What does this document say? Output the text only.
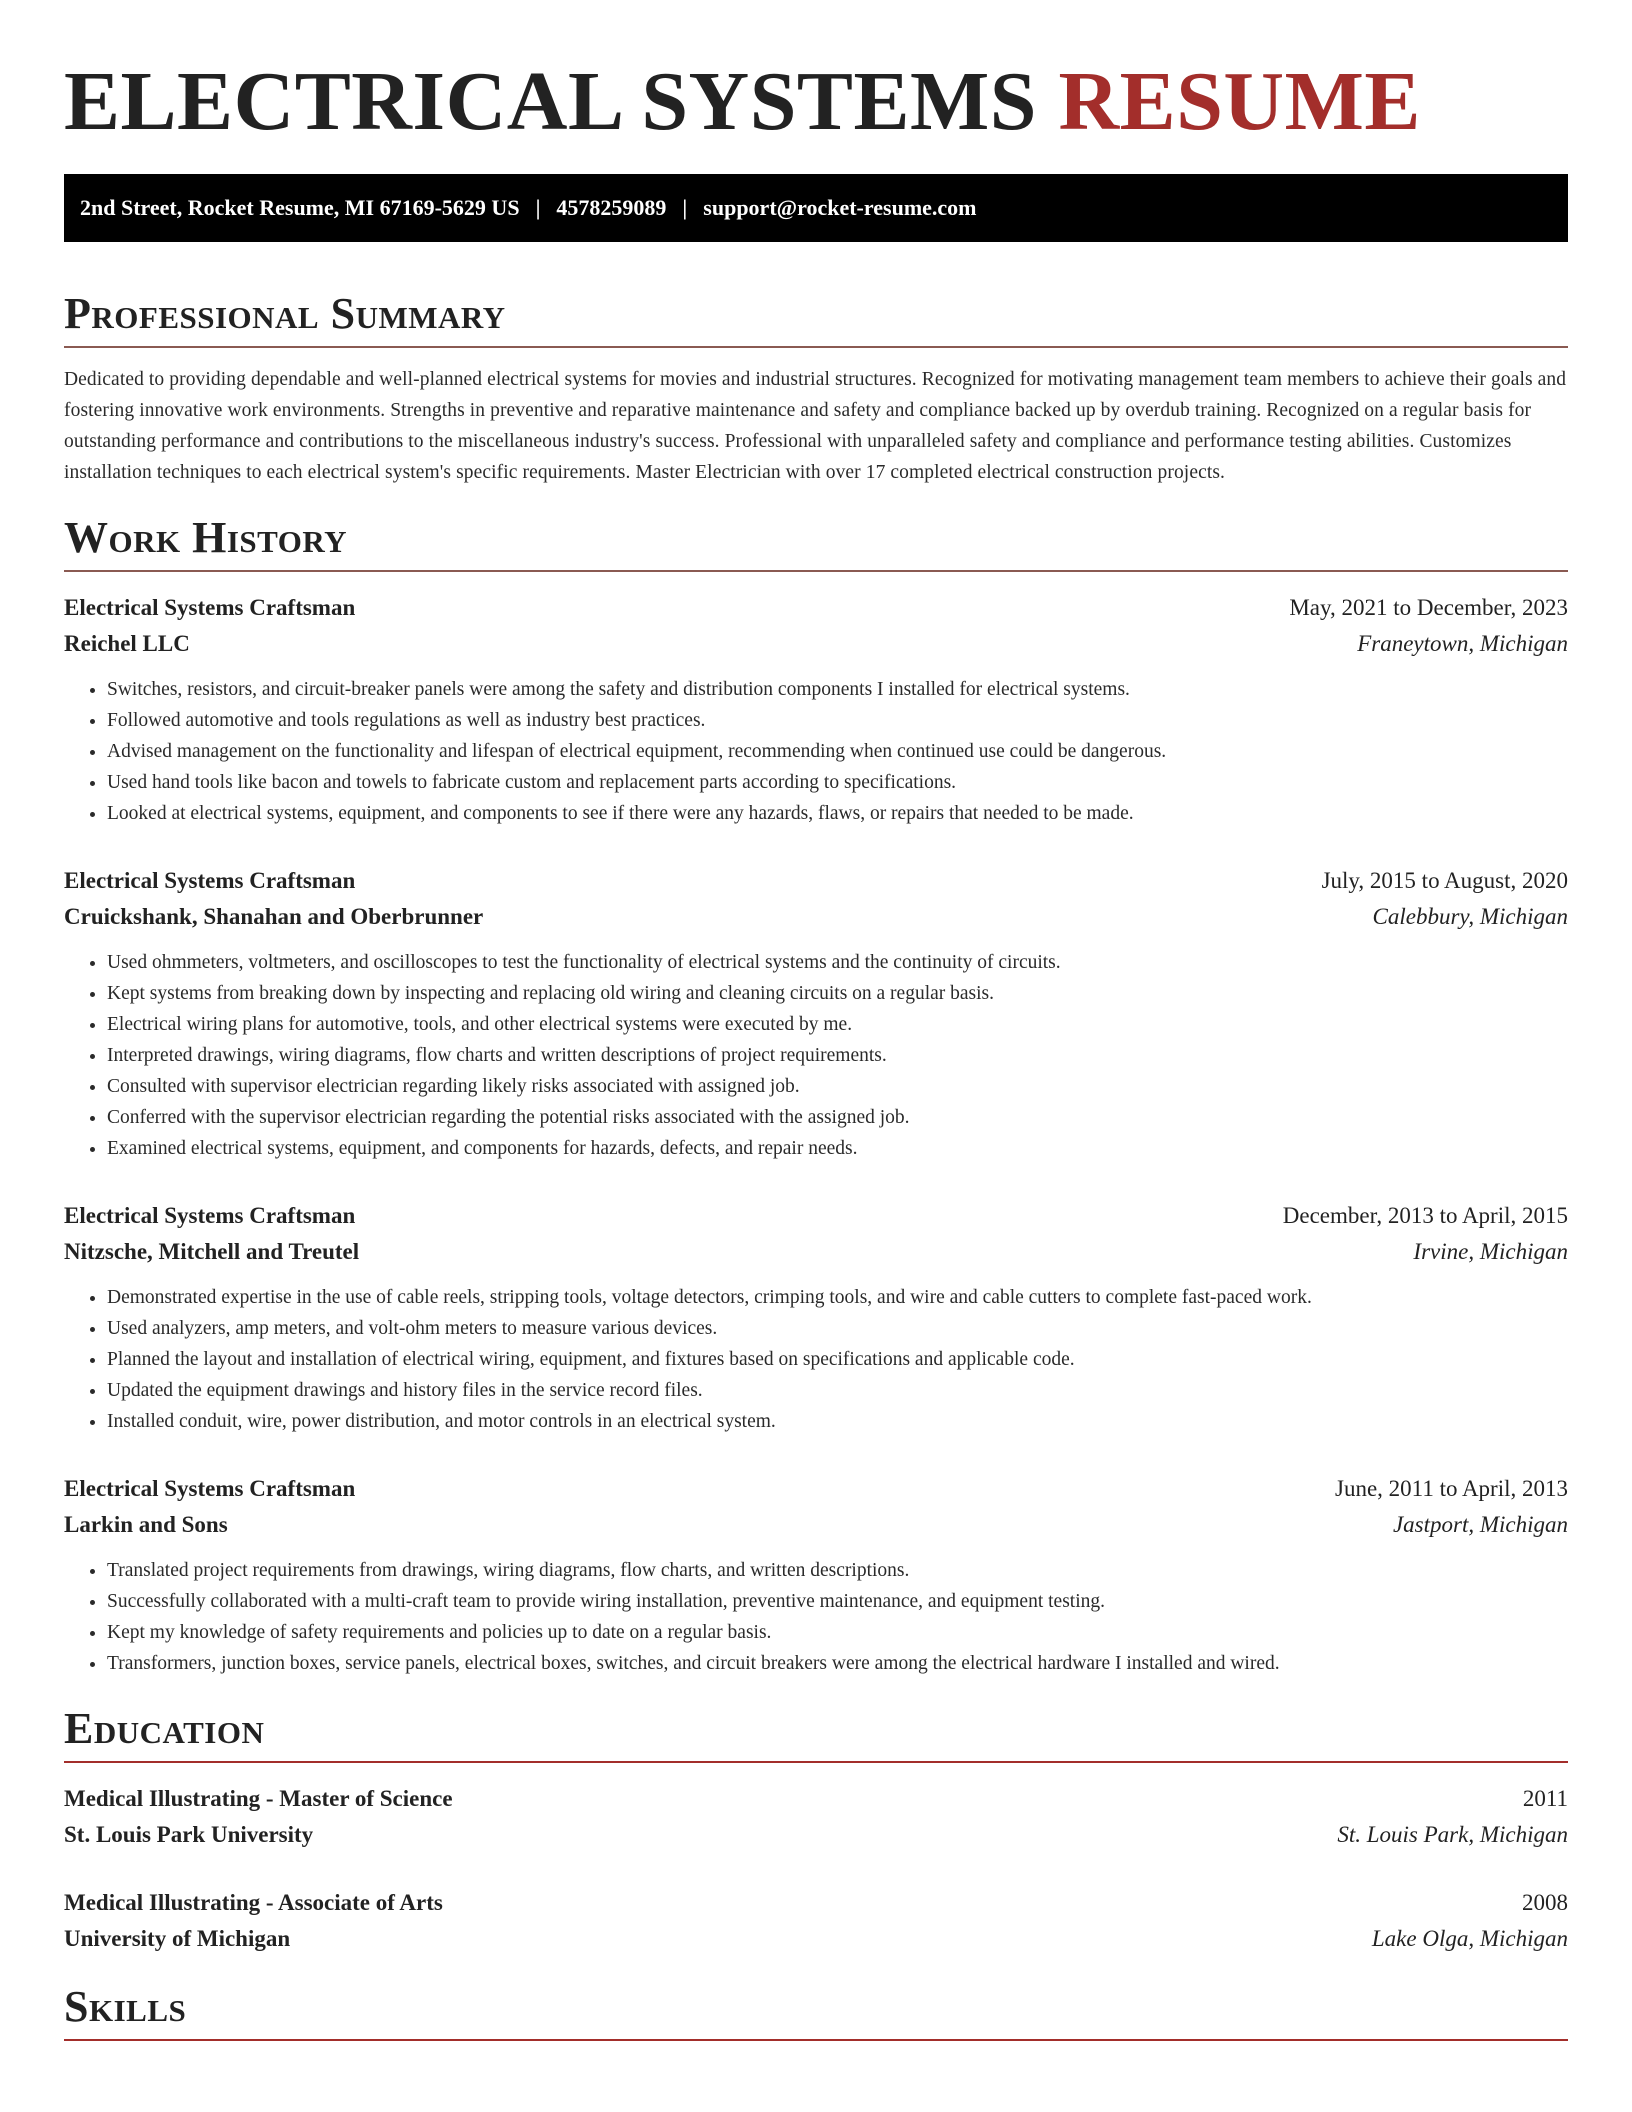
ELECTRICAL SYSTEMS RESUME
2nd Street, Rocket Resume, MI 67169-5629 US | 4578259089 | support@rocket-resume.com
Professional Summary

Dedicated to providing dependable and well-planned electrical systems for movies and industrial structures. Recognized for motivating management team members to achieve their goals and fostering innovative work environments. Strengths in preventive and reparative maintenance and safety and compliance backed up by overdub training. Recognized on a regular basis for outstanding performance and contributions to the miscellaneous industry's success. Professional with unparalleled safety and compliance and performance testing abilities. Customizes installation techniques to each electrical system's specific requirements. Master Electrician with over 17 completed electrical construction projects.

Work History
Electrical Systems Craftsman	May, 2021 to December, 2023
Reichel LLC	Franeytown, Michigan
• Switches, resistors, and circuit-breaker panels were among the safety and distribution components I installed for electrical systems.
• Followed automotive and tools regulations as well as industry best practices.
• Advised management on the functionality and lifespan of electrical equipment, recommending when continued use could be dangerous.
• Used hand tools like bacon and towels to fabricate custom and replacement parts according to specifications.
• Looked at electrical systems, equipment, and components to see if there were any hazards, flaws, or repairs that needed to be made.
Electrical Systems Craftsman	July, 2015 to August, 2020
Cruickshank, Shanahan and Oberbrunner	Calebbury, Michigan
• Used ohmmeters, voltmeters, and oscilloscopes to test the functionality of electrical systems and the continuity of circuits.
• Kept systems from breaking down by inspecting and replacing old wiring and cleaning circuits on a regular basis.
• Electrical wiring plans for automotive, tools, and other electrical systems were executed by me.
• Interpreted drawings, wiring diagrams, flow charts and written descriptions of project requirements.
• Consulted with supervisor electrician regarding likely risks associated with assigned job.
• Conferred with the supervisor electrician regarding the potential risks associated with the assigned job.
• Examined electrical systems, equipment, and components for hazards, defects, and repair needs.
Electrical Systems Craftsman	December, 2013 to April, 2015
Nitzsche, Mitchell and Treutel	Irvine, Michigan
• Demonstrated expertise in the use of cable reels, stripping tools, voltage detectors, crimping tools, and wire and cable cutters to complete fast-paced work.
• Used analyzers, amp meters, and volt-ohm meters to measure various devices.
• Planned the layout and installation of electrical wiring, equipment, and fixtures based on specifications and applicable code.
• Updated the equipment drawings and history files in the service record files.
• Installed conduit, wire, power distribution, and motor controls in an electrical system.
Electrical Systems Craftsman	June, 2011 to April, 2013
Larkin and Sons	Jastport, Michigan
• Translated project requirements from drawings, wiring diagrams, flow charts, and written descriptions.
• Successfully collaborated with a multi-craft team to provide wiring installation, preventive maintenance, and equipment testing.
• Kept my knowledge of safety requirements and policies up to date on a regular basis.
• Transformers, junction boxes, service panels, electrical boxes, switches, and circuit breakers were among the electrical hardware I installed and wired.
Education
Medical Illustrating - Master of Science	2011
St. Louis Park University	St. Louis Park, Michigan
Medical Illustrating - Associate of Arts	2008
University of Michigan	Lake Olga, Michigan
Skills
